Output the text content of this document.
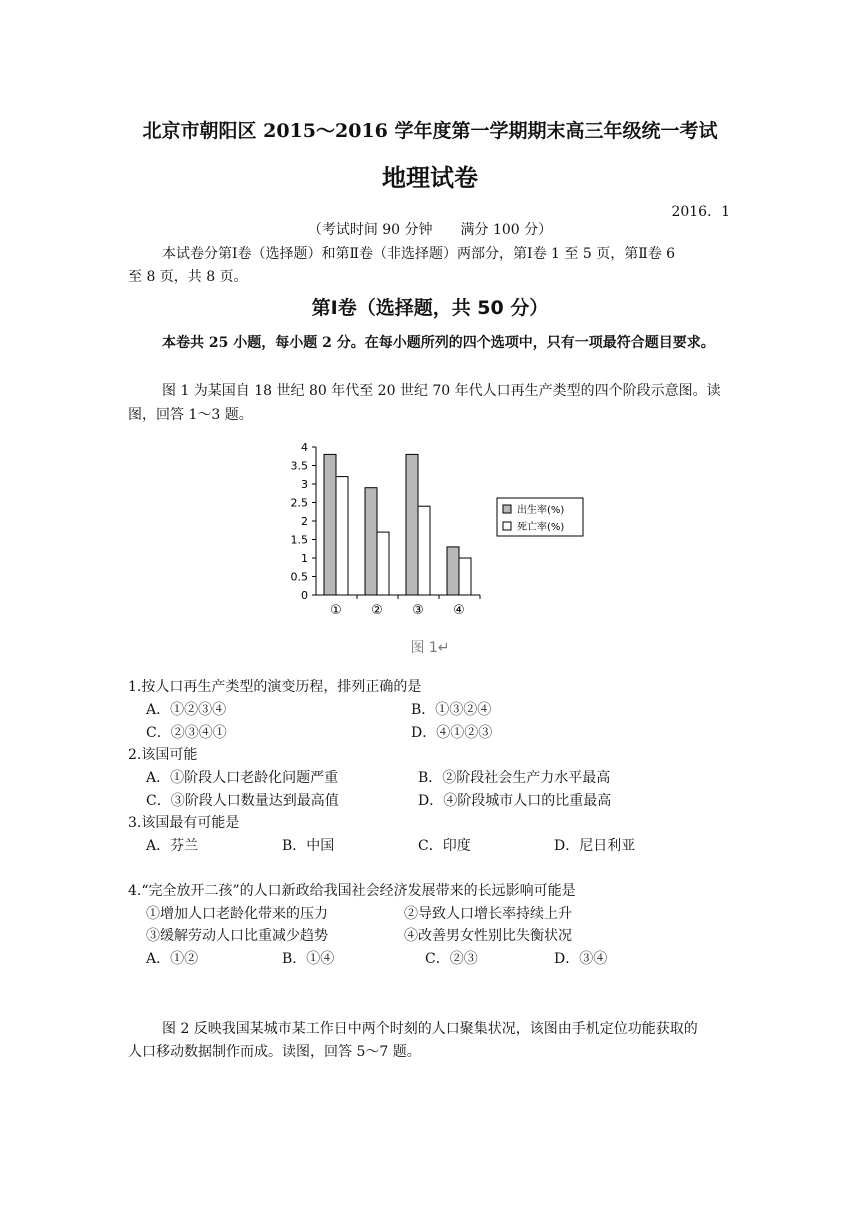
北京市朝阳区 2015～2016 学年度第一学期期末高三年级统一考试
地理试卷
2016．1
（考试时间 90 分钟　　满分 100 分）
本试卷分第Ⅰ卷（选择题）和第Ⅱ卷（非选择题）两部分，第Ⅰ卷 1 至 5 页，第Ⅱ卷 6
至 8 页，共 8 页。
第Ⅰ卷（选择题，共 50 分）
本卷共 25 小题，每小题 2 分。在每小题所列的四个选项中，只有一项最符合题目要求。
图 1 为某国自 18 世纪 80 年代至 20 世纪 70 年代人口再生产类型的四个阶段示意图。读
图，回答 1～3 题。
0
0.5
1
1.5
2
2.5
3
3.5
4
① ② ③ ④
出生率(%)
死亡率(%)
图 1↵
1.按人口再生产类型的演变历程，排列正确的是
A．①②③④	B．①③②④
C．②③④①	D．④①②③
2.该国可能
A．①阶段人口老龄化问题严重	B．②阶段社会生产力水平最高
C．③阶段人口数量达到最高值	D．④阶段城市人口的比重最高
3.该国最有可能是
A．芬兰	B．中国	C．印度	D．尼日利亚
4.“完全放开二孩”的人口新政给我国社会经济发展带来的长远影响可能是
①增加人口老龄化带来的压力	②导致人口增长率持续上升
③缓解劳动人口比重减少趋势	④改善男女性别比失衡状况
A．①②	B．①④	C．②③	D．③④
图 2 反映我国某城市某工作日中两个时刻的人口聚集状况，该图由手机定位功能获取的
人口移动数据制作而成。读图，回答 5～7 题。
